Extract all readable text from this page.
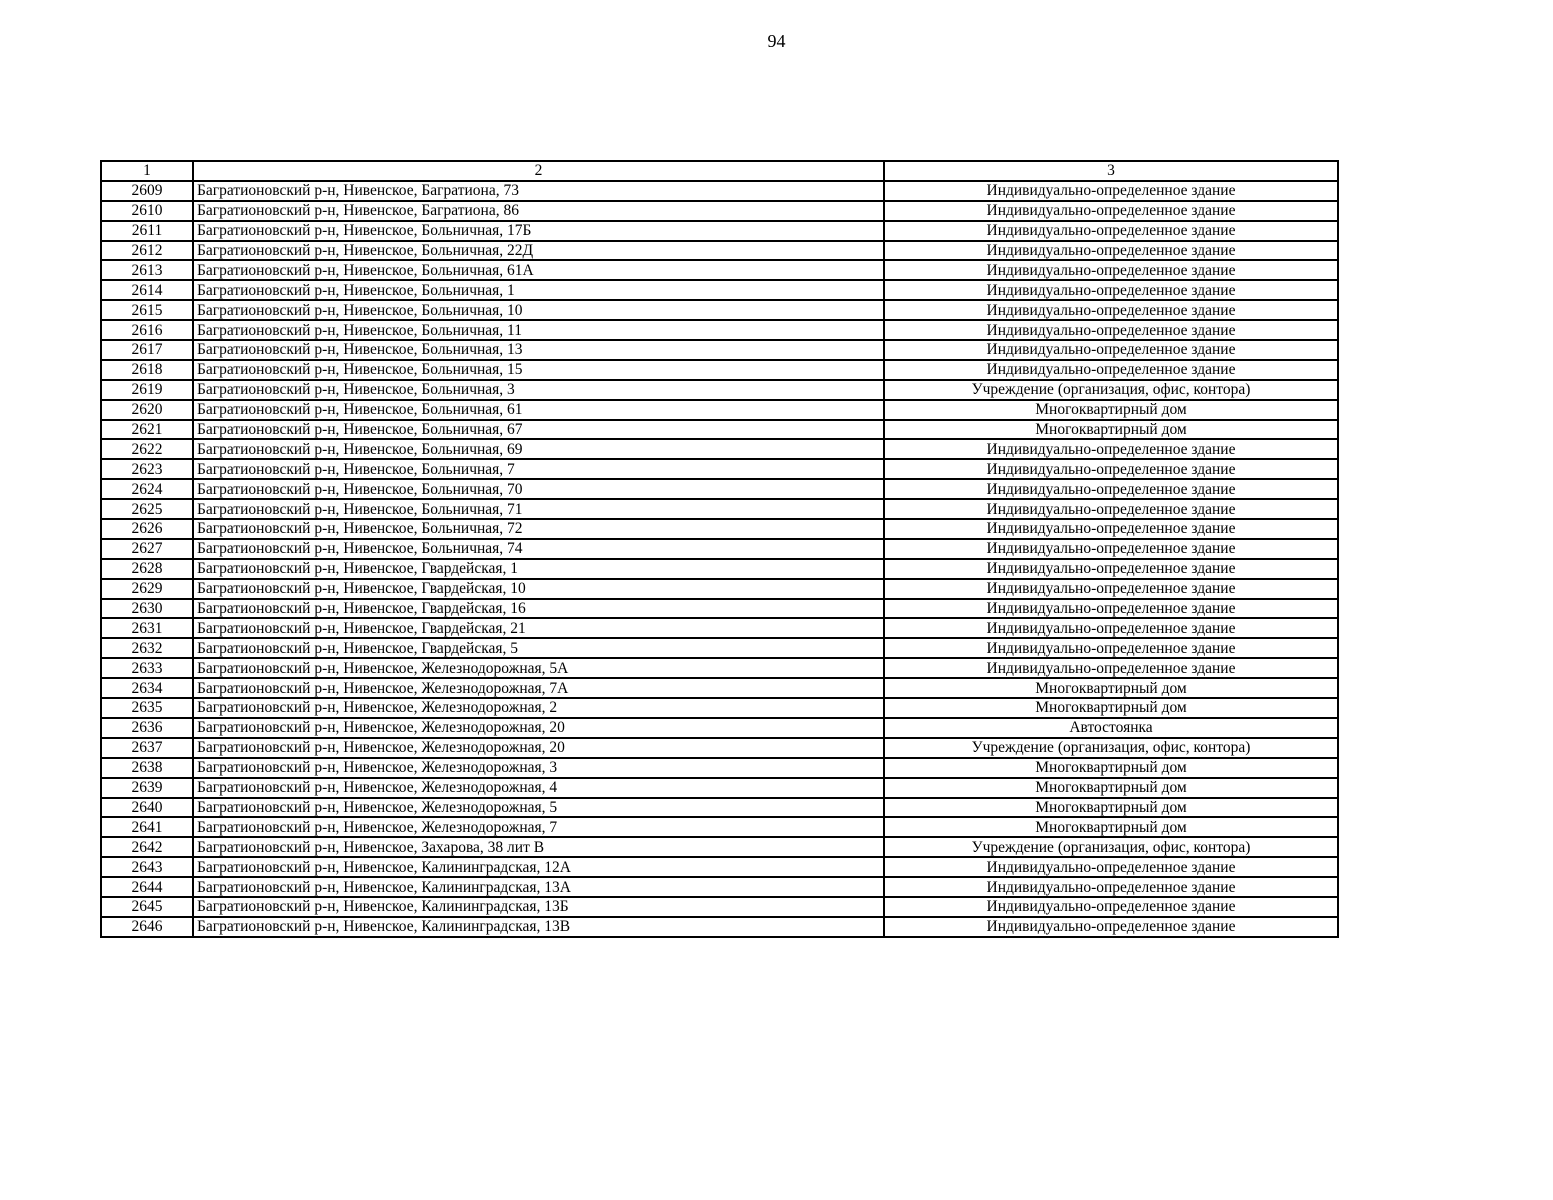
94
1	2	3
2609	Багратионовский р-н, Нивенское, Багратиона, 73	Индивидуально-определенное здание
2610	Багратионовский р-н, Нивенское, Багратиона, 86	Индивидуально-определенное здание
2611	Багратионовский р-н, Нивенское, Больничная, 17Б	Индивидуально-определенное здание
2612	Багратионовский р-н, Нивенское, Больничная, 22Д	Индивидуально-определенное здание
2613	Багратионовский р-н, Нивенское, Больничная, 61А	Индивидуально-определенное здание
2614	Багратионовский р-н, Нивенское, Больничная, 1	Индивидуально-определенное здание
2615	Багратионовский р-н, Нивенское, Больничная, 10	Индивидуально-определенное здание
2616	Багратионовский р-н, Нивенское, Больничная, 11	Индивидуально-определенное здание
2617	Багратионовский р-н, Нивенское, Больничная, 13	Индивидуально-определенное здание
2618	Багратионовский р-н, Нивенское, Больничная, 15	Индивидуально-определенное здание
2619	Багратионовский р-н, Нивенское, Больничная, 3	Учреждение (организация, офис, контора)
2620	Багратионовский р-н, Нивенское, Больничная, 61	Многоквартирный дом
2621	Багратионовский р-н, Нивенское, Больничная, 67	Многоквартирный дом
2622	Багратионовский р-н, Нивенское, Больничная, 69	Индивидуально-определенное здание
2623	Багратионовский р-н, Нивенское, Больничная, 7	Индивидуально-определенное здание
2624	Багратионовский р-н, Нивенское, Больничная, 70	Индивидуально-определенное здание
2625	Багратионовский р-н, Нивенское, Больничная, 71	Индивидуально-определенное здание
2626	Багратионовский р-н, Нивенское, Больничная, 72	Индивидуально-определенное здание
2627	Багратионовский р-н, Нивенское, Больничная, 74	Индивидуально-определенное здание
2628	Багратионовский р-н, Нивенское, Гвардейская, 1	Индивидуально-определенное здание
2629	Багратионовский р-н, Нивенское, Гвардейская, 10	Индивидуально-определенное здание
2630	Багратионовский р-н, Нивенское, Гвардейская, 16	Индивидуально-определенное здание
2631	Багратионовский р-н, Нивенское, Гвардейская, 21	Индивидуально-определенное здание
2632	Багратионовский р-н, Нивенское, Гвардейская, 5	Индивидуально-определенное здание
2633	Багратионовский р-н, Нивенское, Железнодорожная, 5А	Индивидуально-определенное здание
2634	Багратионовский р-н, Нивенское, Железнодорожная, 7А	Многоквартирный дом
2635	Багратионовский р-н, Нивенское, Железнодорожная, 2	Многоквартирный дом
2636	Багратионовский р-н, Нивенское, Железнодорожная, 20	Автостоянка
2637	Багратионовский р-н, Нивенское, Железнодорожная, 20	Учреждение (организация, офис, контора)
2638	Багратионовский р-н, Нивенское, Железнодорожная, 3	Многоквартирный дом
2639	Багратионовский р-н, Нивенское, Железнодорожная, 4	Многоквартирный дом
2640	Багратионовский р-н, Нивенское, Железнодорожная, 5	Многоквартирный дом
2641	Багратионовский р-н, Нивенское, Железнодорожная, 7	Многоквартирный дом
2642	Багратионовский р-н, Нивенское, Захарова, 38 лит В	Учреждение (организация, офис, контора)
2643	Багратионовский р-н, Нивенское, Калининградская, 12А	Индивидуально-определенное здание
2644	Багратионовский р-н, Нивенское, Калининградская, 13А	Индивидуально-определенное здание
2645	Багратионовский р-н, Нивенское, Калининградская, 13Б	Индивидуально-определенное здание
2646	Багратионовский р-н, Нивенское, Калининградская, 13В	Индивидуально-определенное здание
